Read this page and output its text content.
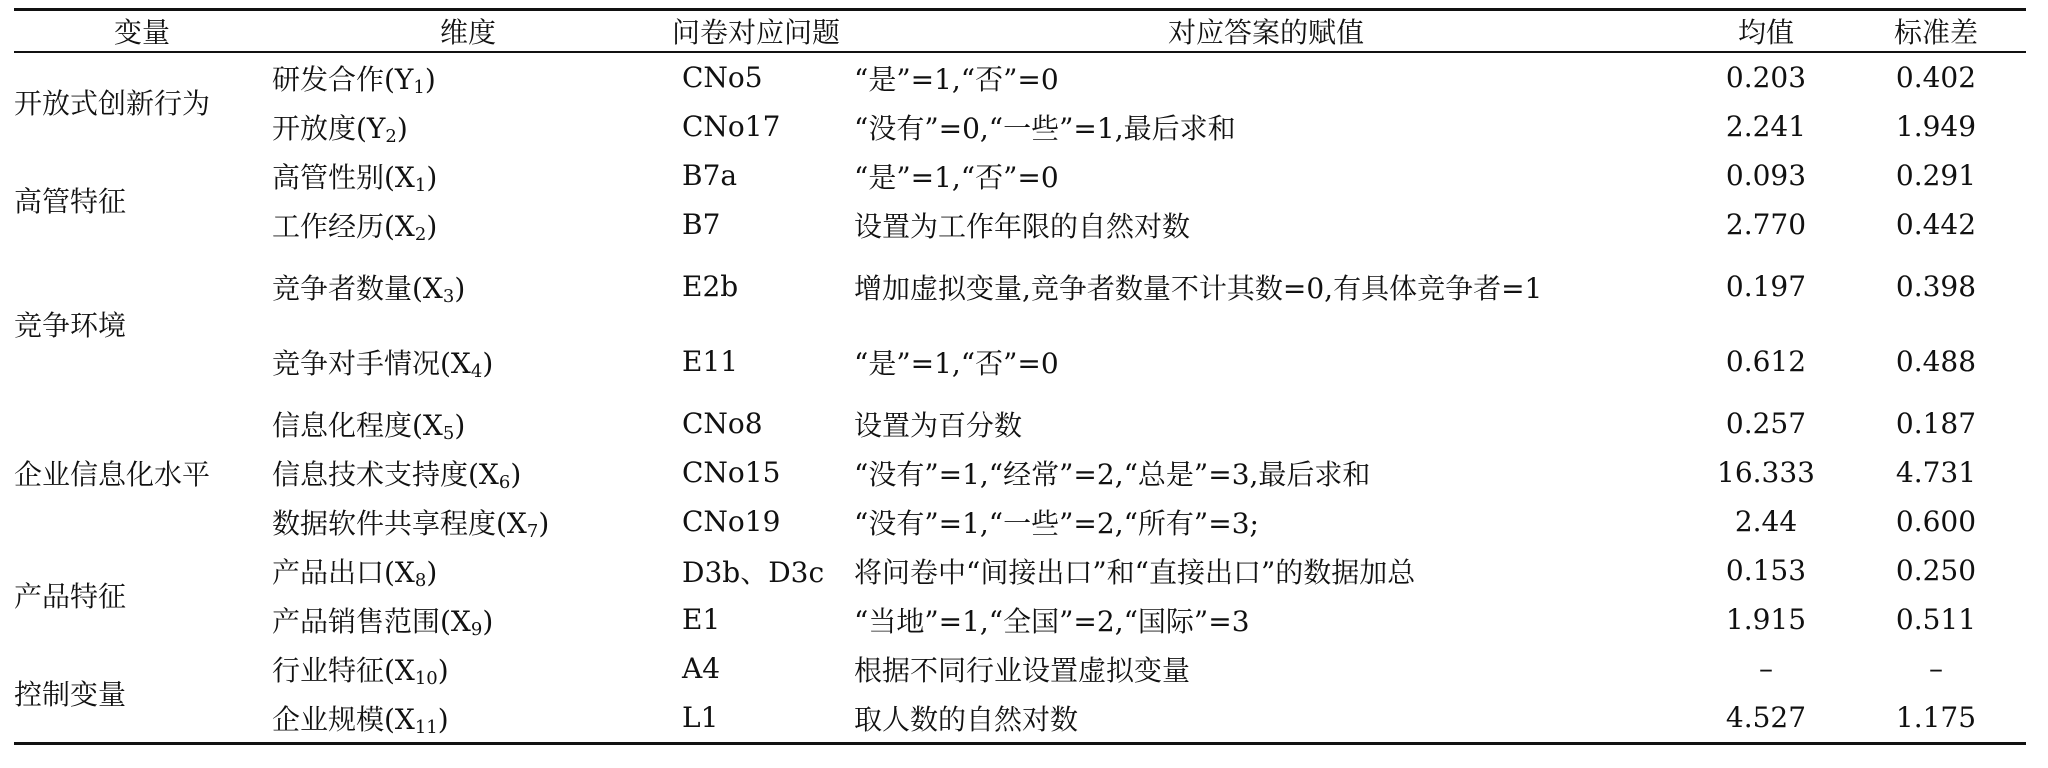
变量	维度	问卷对应问题	对应答案的赋值	均值	标准差
开放式创新行为	研发合作$(Y_1)$	CNo5	“是”=1,“否”=0	0.203	0.402
	开放度$(Y_2)$	CNo17	“没有”=0,“一些”=1,最后求和	2.241	1.949
高管特征	高管性别$(X_1)$	B7a	“是”=1,“否”=0	0.093	0.291
	工作经历$(X_2)$	B7	设置为工作年限的自然对数	2.770	0.442
竞争环境	竞争者数量$(X_3)$	E2b	增加虚拟变量,竞争者数量不计其数=0,有具体竞争者=1	0.197	0.398
	竞争对手情况$(X_4)$	E11	“是”=1,“否”=0	0.612	0.488
企业信息化水平	信息化程度$(X_5)$	CNo8	设置为百分数	0.257	0.187
	信息技术支持度$(X_6)$	CNo15	“没有”=1,“经常”=2,“总是”=3,最后求和	16.333	4.731
	数据软件共享程度$(X_7)$	CNo19	“没有”=1,“一些”=2,“所有”=3;	2.44	0.600
产品特征	产品出口$(X_8)$	D3b、D3c	将问卷中“间接出口”和“直接出口”的数据加总	0.153	0.250
	产品销售范围$(X_9)$	E1	“当地”=1,“全国”=2,“国际”=3	1.915	0.511
控制变量	行业特征$(X_{10})$	A4	根据不同行业设置虚拟变量	–	–
	企业规模$(X_{11})$	L1	取人数的自然对数	4.527	1.175
